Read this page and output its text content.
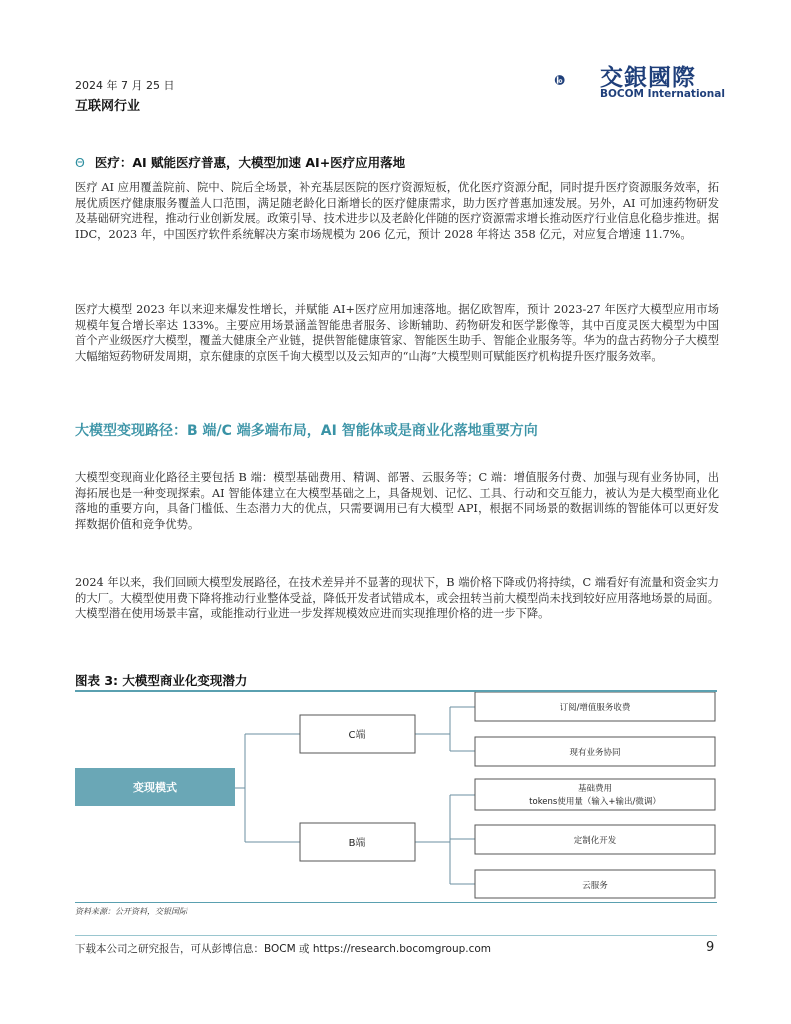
2024 年 7 月 25 日
互联网行业
交銀國際
BOCOM International
Θ 医疗：AI 赋能医疗普惠，大模型加速 AI+医疗应用落地
医疗 AI 应用覆盖院前、院中、院后全场景，补充基层医院的医疗资源短板，优化医疗资源分配，同时提升医疗资源服务效率，拓展优质医疗健康服务覆盖人口范围，满足随老龄化日渐增长的医疗健康需求，助力医疗普惠加速发展。另外，AI 可加速药物研发及基础研究进程，推动行业创新发展。政策引导、技术进步以及老龄化伴随的医疗资源需求增长推动医疗行业信息化稳步推进。据 IDC，2023 年，中国医疗软件系统解决方案市场规模为 206 亿元，预计 2028 年将达 358 亿元，对应复合增速 11.7%。
医疗大模型 2023 年以来迎来爆发性增长，并赋能 AI+医疗应用加速落地。据亿欧智库，预计 2023-27 年医疗大模型应用市场规模年复合增长率达 133%。主要应用场景涵盖智能患者服务、诊断辅助、药物研发和医学影像等，其中百度灵医大模型为中国首个产业级医疗大模型，覆盖大健康全产业链，提供智能健康管家、智能医生助手、智能企业服务等。华为的盘古药物分子大模型大幅缩短药物研发周期，京东健康的京医千询大模型以及云知声的“山海”大模型则可赋能医疗机构提升医疗服务效率。
大模型变现路径：B 端/C 端多端布局，AI 智能体或是商业化落地重要方向
大模型变现商业化路径主要包括 B 端：模型基础费用、精调、部署、云服务等；C 端：增值服务付费、加强与现有业务协同，出海拓展也是一种变现探索。AI 智能体建立在大模型基础之上，具备规划、记忆、工具、行动和交互能力，被认为是大模型商业化落地的重要方向，具备门槛低、生态潜力大的优点，只需要调用已有大模型 API，根据不同场景的数据训练的智能体可以更好发挥数据价值和竞争优势。
2024 年以来，我们回顾大模型发展路径，在技术差异并不显著的现状下，B 端价格下降或仍将持续，C 端看好有流量和资金实力的大厂。大模型使用费下降将推动行业整体受益，降低开发者试错成本，或会扭转当前大模型尚未找到较好应用落地场景的局面。大模型潜在使用场景丰富，或能推动行业进一步发挥规模效应进而实现推理价格的进一步下降。
图表 3: 大模型商业化变现潜力
变现模式
C端
B端
订阅/增值服务收费
现有业务协同
基础费用
tokens使用量（输入+输出/微调）
定制化开发
云服务
资料来源：公开资料，交银国际
下载本公司之研究报告，可从彭博信息：BOCM 或 https://research.bocomgroup.com	9
